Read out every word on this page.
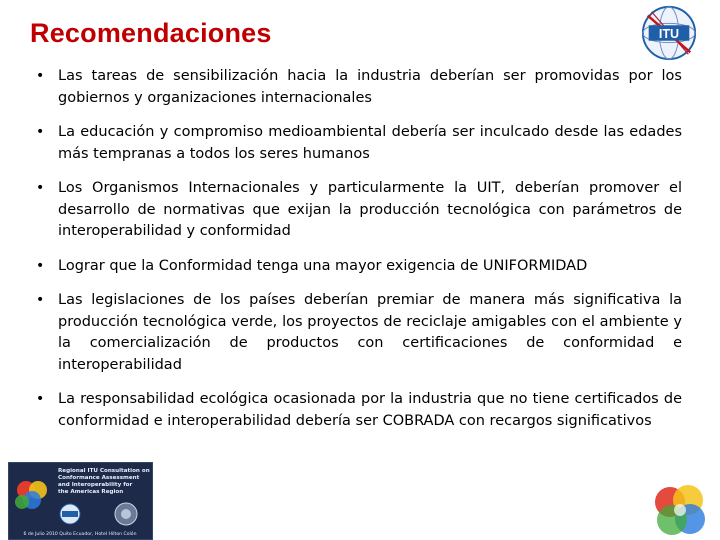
Recomendaciones	ITU
• Las tareas de sensibilización hacia la industria deberían ser promovidas por los gobiernos y organizaciones internacionales
• La educación y compromiso medioambiental debería ser inculcado desde las edades más tempranas a todos los seres humanos
• Los Organismos Internacionales y particularmente la UIT, deberían promover el desarrollo de normativas que exijan la producción tecnológica con parámetros de interoperabilidad y conformidad
• Lograr que la Conformidad tenga una mayor exigencia de UNIFORMIDAD
• Las legislaciones de los países deberían premiar de manera más significativa la producción tecnológica verde, los proyectos de reciclaje amigables con el ambiente y la comercialización de productos con certificaciones de conformidad e interoperabilidad
• La responsabilidad ecológica ocasionada por la industria que no tiene certificados de conformidad e interoperabilidad debería ser COBRADA con recargos significativos
Regional ITU Consultation on
Conformance Assessment
and Interoperability for
the Americas Region
6 de Julio 2010 Quito Ecuador, Hotel Hilton Colón
